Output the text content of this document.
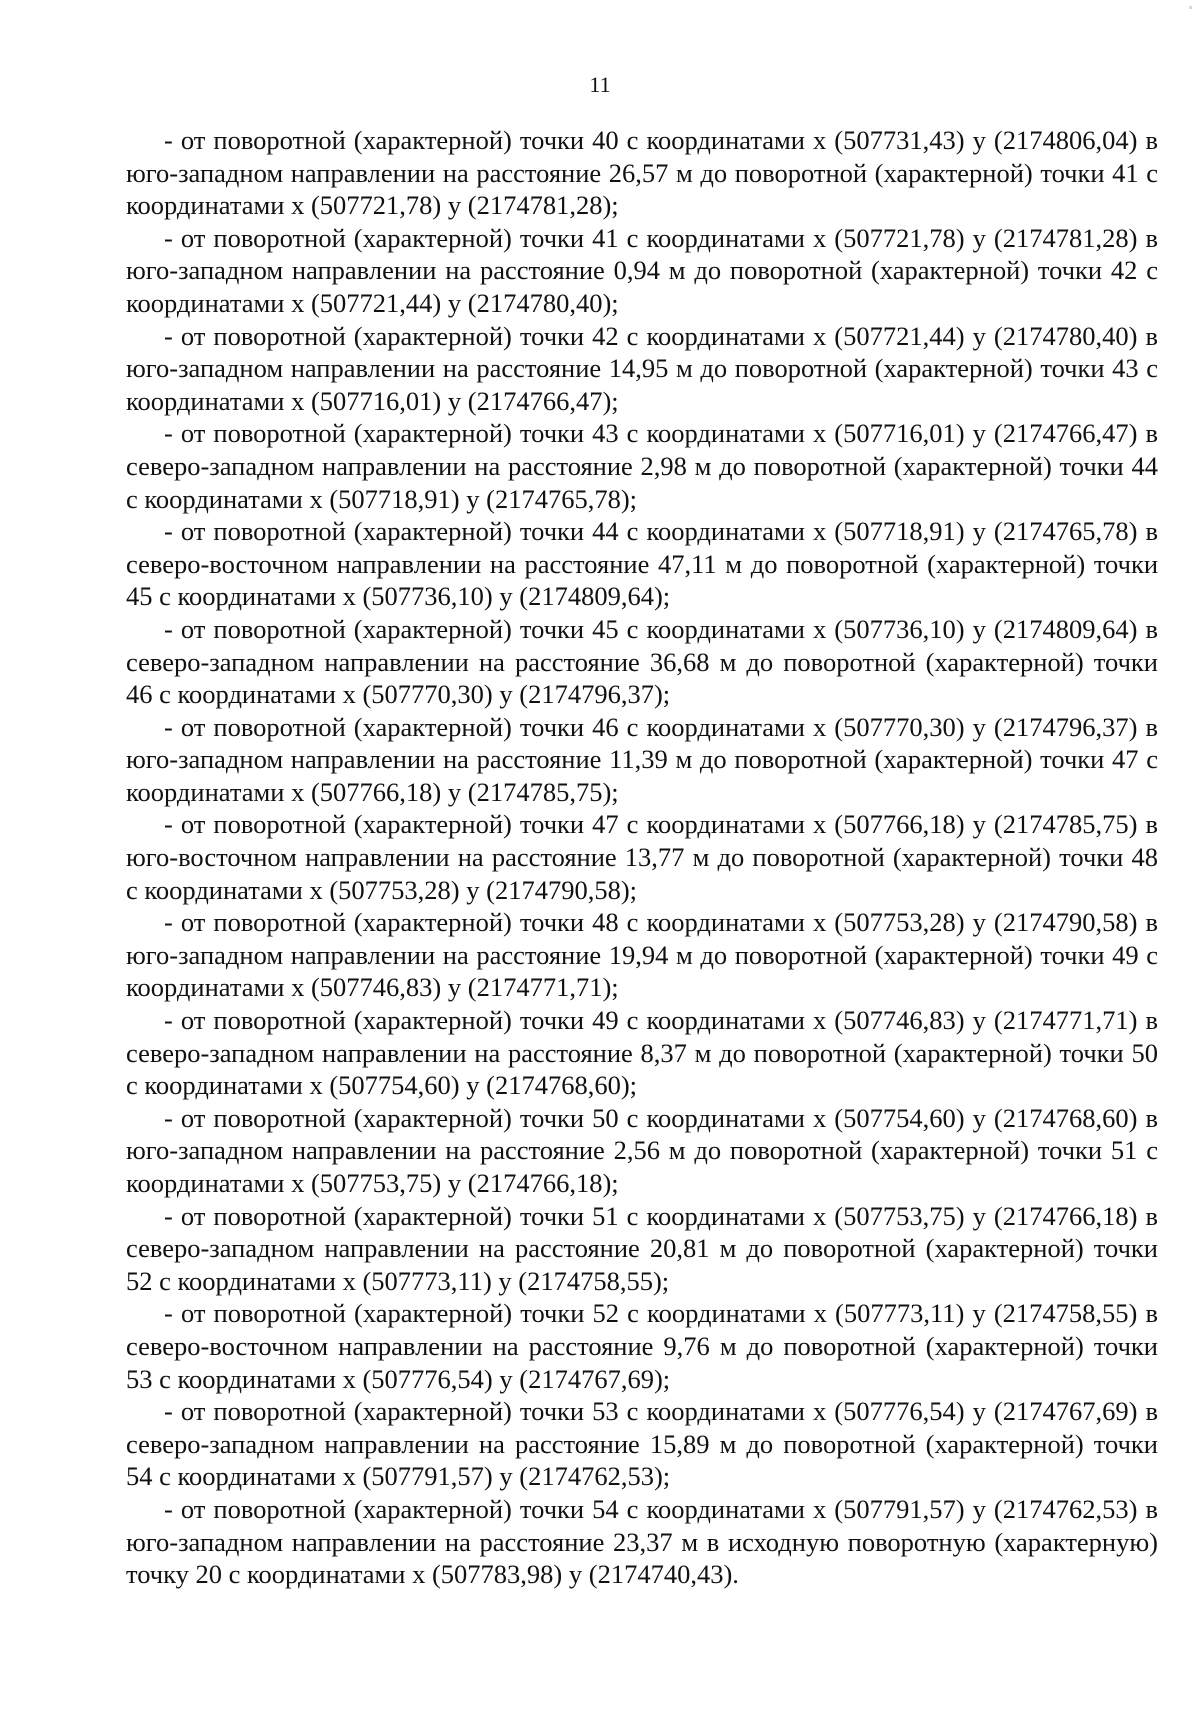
11

- от поворотной (характерной) точки 40 с координатами x (507731,43) y (2174806,04) в юго-западном направлении на расстояние 26,57 м до поворотной (характерной) точки 41 с координатами x (507721,78) y (2174781,28);

- от поворотной (характерной) точки 41 с координатами x (507721,78) y (2174781,28) в юго-западном направлении на расстояние 0,94 м до поворотной (характерной) точки 42 с координатами x (507721,44) y (2174780,40);

- от поворотной (характерной) точки 42 с координатами x (507721,44) y (2174780,40) в юго-западном направлении на расстояние 14,95 м до поворотной (характерной) точки 43 с координатами x (507716,01) y (2174766,47);

- от поворотной (характерной) точки 43 с координатами x (507716,01) y (2174766,47) в северо-западном направлении на расстояние 2,98 м до поворотной (характерной) точки 44 с координатами x (507718,91) y (2174765,78);

- от поворотной (характерной) точки 44 с координатами x (507718,91) y (2174765,78) в северо-восточном направлении на расстояние 47,11 м до поворотной (характерной) точки 45 с координатами x (507736,10) y (2174809,64);

- от поворотной (характерной) точки 45 с координатами x (507736,10) y (2174809,64) в северо-западном направлении на расстояние 36,68 м до поворотной (характерной) точки 46 с координатами x (507770,30) y (2174796,37);

- от поворотной (характерной) точки 46 с координатами x (507770,30) y (2174796,37) в юго-западном направлении на расстояние 11,39 м до поворотной (характерной) точки 47 с координатами x (507766,18) y (2174785,75);

- от поворотной (характерной) точки 47 с координатами x (507766,18) y (2174785,75) в юго-восточном направлении на расстояние 13,77 м до поворотной (характерной) точки 48 с координатами x (507753,28) y (2174790,58);

- от поворотной (характерной) точки 48 с координатами x (507753,28) y (2174790,58) в юго-западном направлении на расстояние 19,94 м до поворотной (характерной) точки 49 с координатами x (507746,83) y (2174771,71);

- от поворотной (характерной) точки 49 с координатами x (507746,83) y (2174771,71) в северо-западном направлении на расстояние 8,37 м до поворотной (характерной) точки 50 с координатами x (507754,60) y (2174768,60);

- от поворотной (характерной) точки 50 с координатами x (507754,60) y (2174768,60) в юго-западном направлении на расстояние 2,56 м до поворотной (характерной) точки 51 с координатами x (507753,75) y (2174766,18);

- от поворотной (характерной) точки 51 с координатами x (507753,75) y (2174766,18) в северо-западном направлении на расстояние 20,81 м до поворотной (характерной) точки 52 с координатами x (507773,11) y (2174758,55);

- от поворотной (характерной) точки 52 с координатами x (507773,11) y (2174758,55) в северо-восточном направлении на расстояние 9,76 м до поворотной (характерной) точки 53 с координатами x (507776,54) y (2174767,69);

- от поворотной (характерной) точки 53 с координатами x (507776,54) y (2174767,69) в северо-западном направлении на расстояние 15,89 м до поворотной (характерной) точки 54 с координатами x (507791,57) y (2174762,53);

- от поворотной (характерной) точки 54 с координатами x (507791,57) y (2174762,53) в юго-западном направлении на расстояние 23,37 м в исходную поворотную (характерную) точку 20 с координатами x (507783,98) y (2174740,43).
